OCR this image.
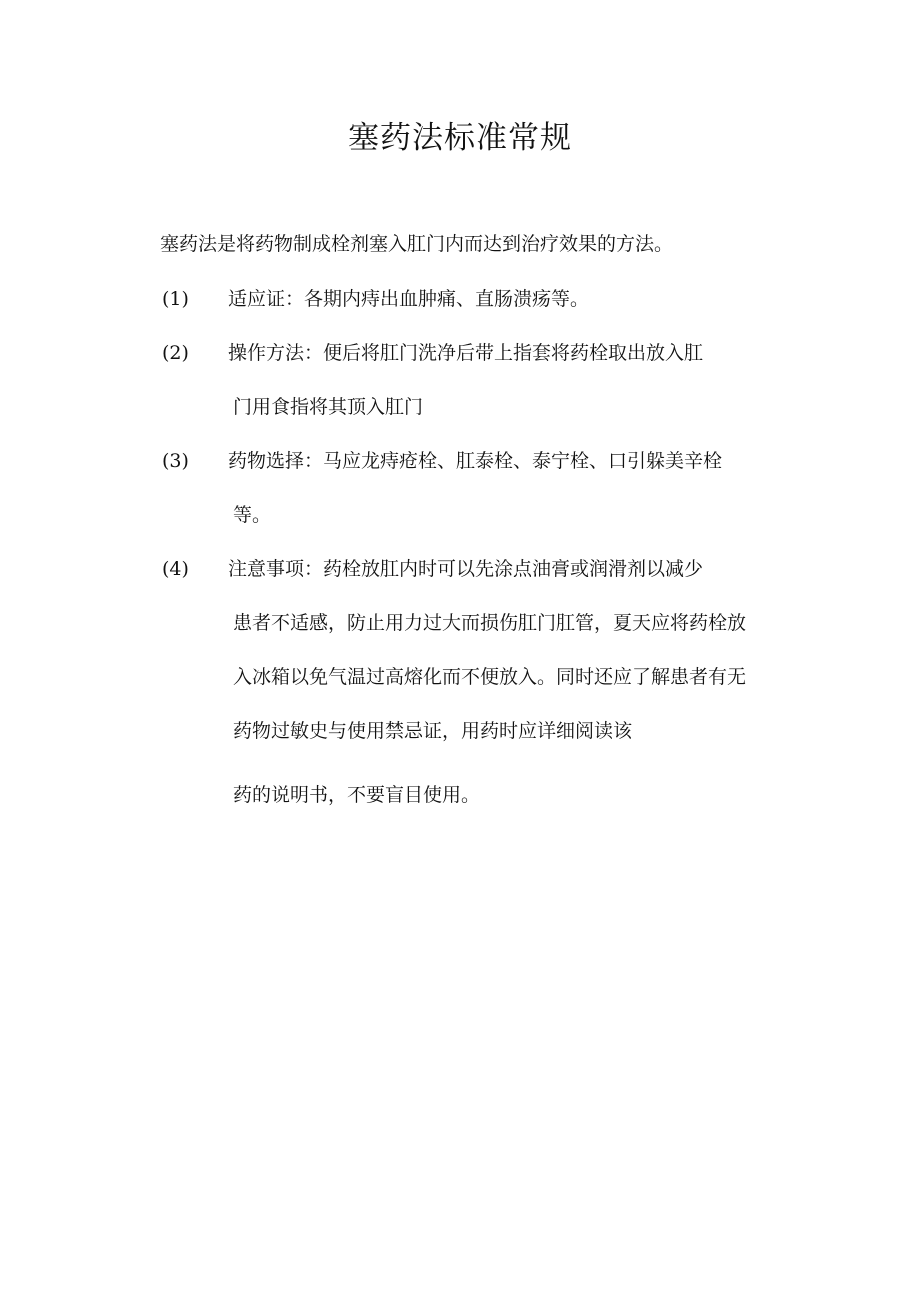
塞药法标准常规

塞药法是将药物制成栓剂塞入肛门内而达到治疗效果的方法。

(1) 适应证：各期内痔出血肿痛、直肠溃疡等。

(2) 操作方法：便后将肛门洗净后带上指套将药栓取出放入肛

门用食指将其顶入肛门

(3) 药物选择：马应龙痔疮栓、肛泰栓、泰宁栓、口引躲美辛栓

等。

(4) 注意事项：药栓放肛内时可以先涂点油膏或润滑剂以减少

患者不适感，防止用力过大而损伤肛门肛管，夏天应将药栓放

入冰箱以免气温过高熔化而不便放入。同时还应了解患者有无

药物过敏史与使用禁忌证，用药时应详细阅读该

药的说明书，不要盲目使用。
